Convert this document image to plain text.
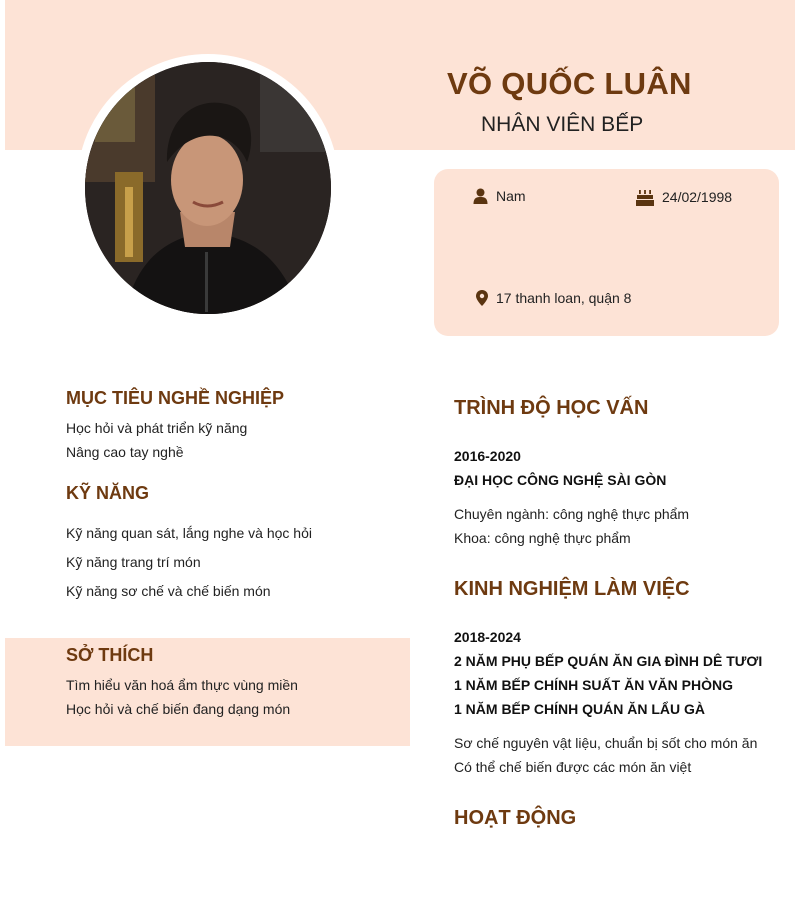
VÕ QUỐC LUÂN
NHÂN VIÊN BẾP
Nam	24/02/1998
17 thanh loan, quận 8
MỤC TIÊU NGHỀ NGHIỆP
Học hỏi và phát triển kỹ năng
Nâng cao tay nghề
KỸ NĂNG
Kỹ năng quan sát, lắng nghe và học hỏi
Kỹ năng trang trí món
Kỹ năng sơ chế và chế biến món
SỞ THÍCH
Tìm hiểu văn hoá ẩm thực vùng miền
Học hỏi và chế biến đang dạng món
TRÌNH ĐỘ HỌC VẤN
2016-2020
ĐẠI HỌC CÔNG NGHỆ SÀI GÒN
Chuyên ngành: công nghệ thực phẩm
Khoa: công nghệ thực phẩm
KINH NGHIỆM LÀM VIỆC
2018-2024
2 NĂM PHỤ BẾP QUÁN ĂN GIA ĐÌNH DÊ TƯƠI
1 NĂM BẾP CHÍNH SUẤT ĂN VĂN PHÒNG
1 NĂM BẾP CHÍNH QUÁN ĂN LẨU GÀ
Sơ chế nguyên vật liệu, chuẩn bị sốt cho món ăn
Có thể chế biến được các món ăn việt
HOẠT ĐỘNG
